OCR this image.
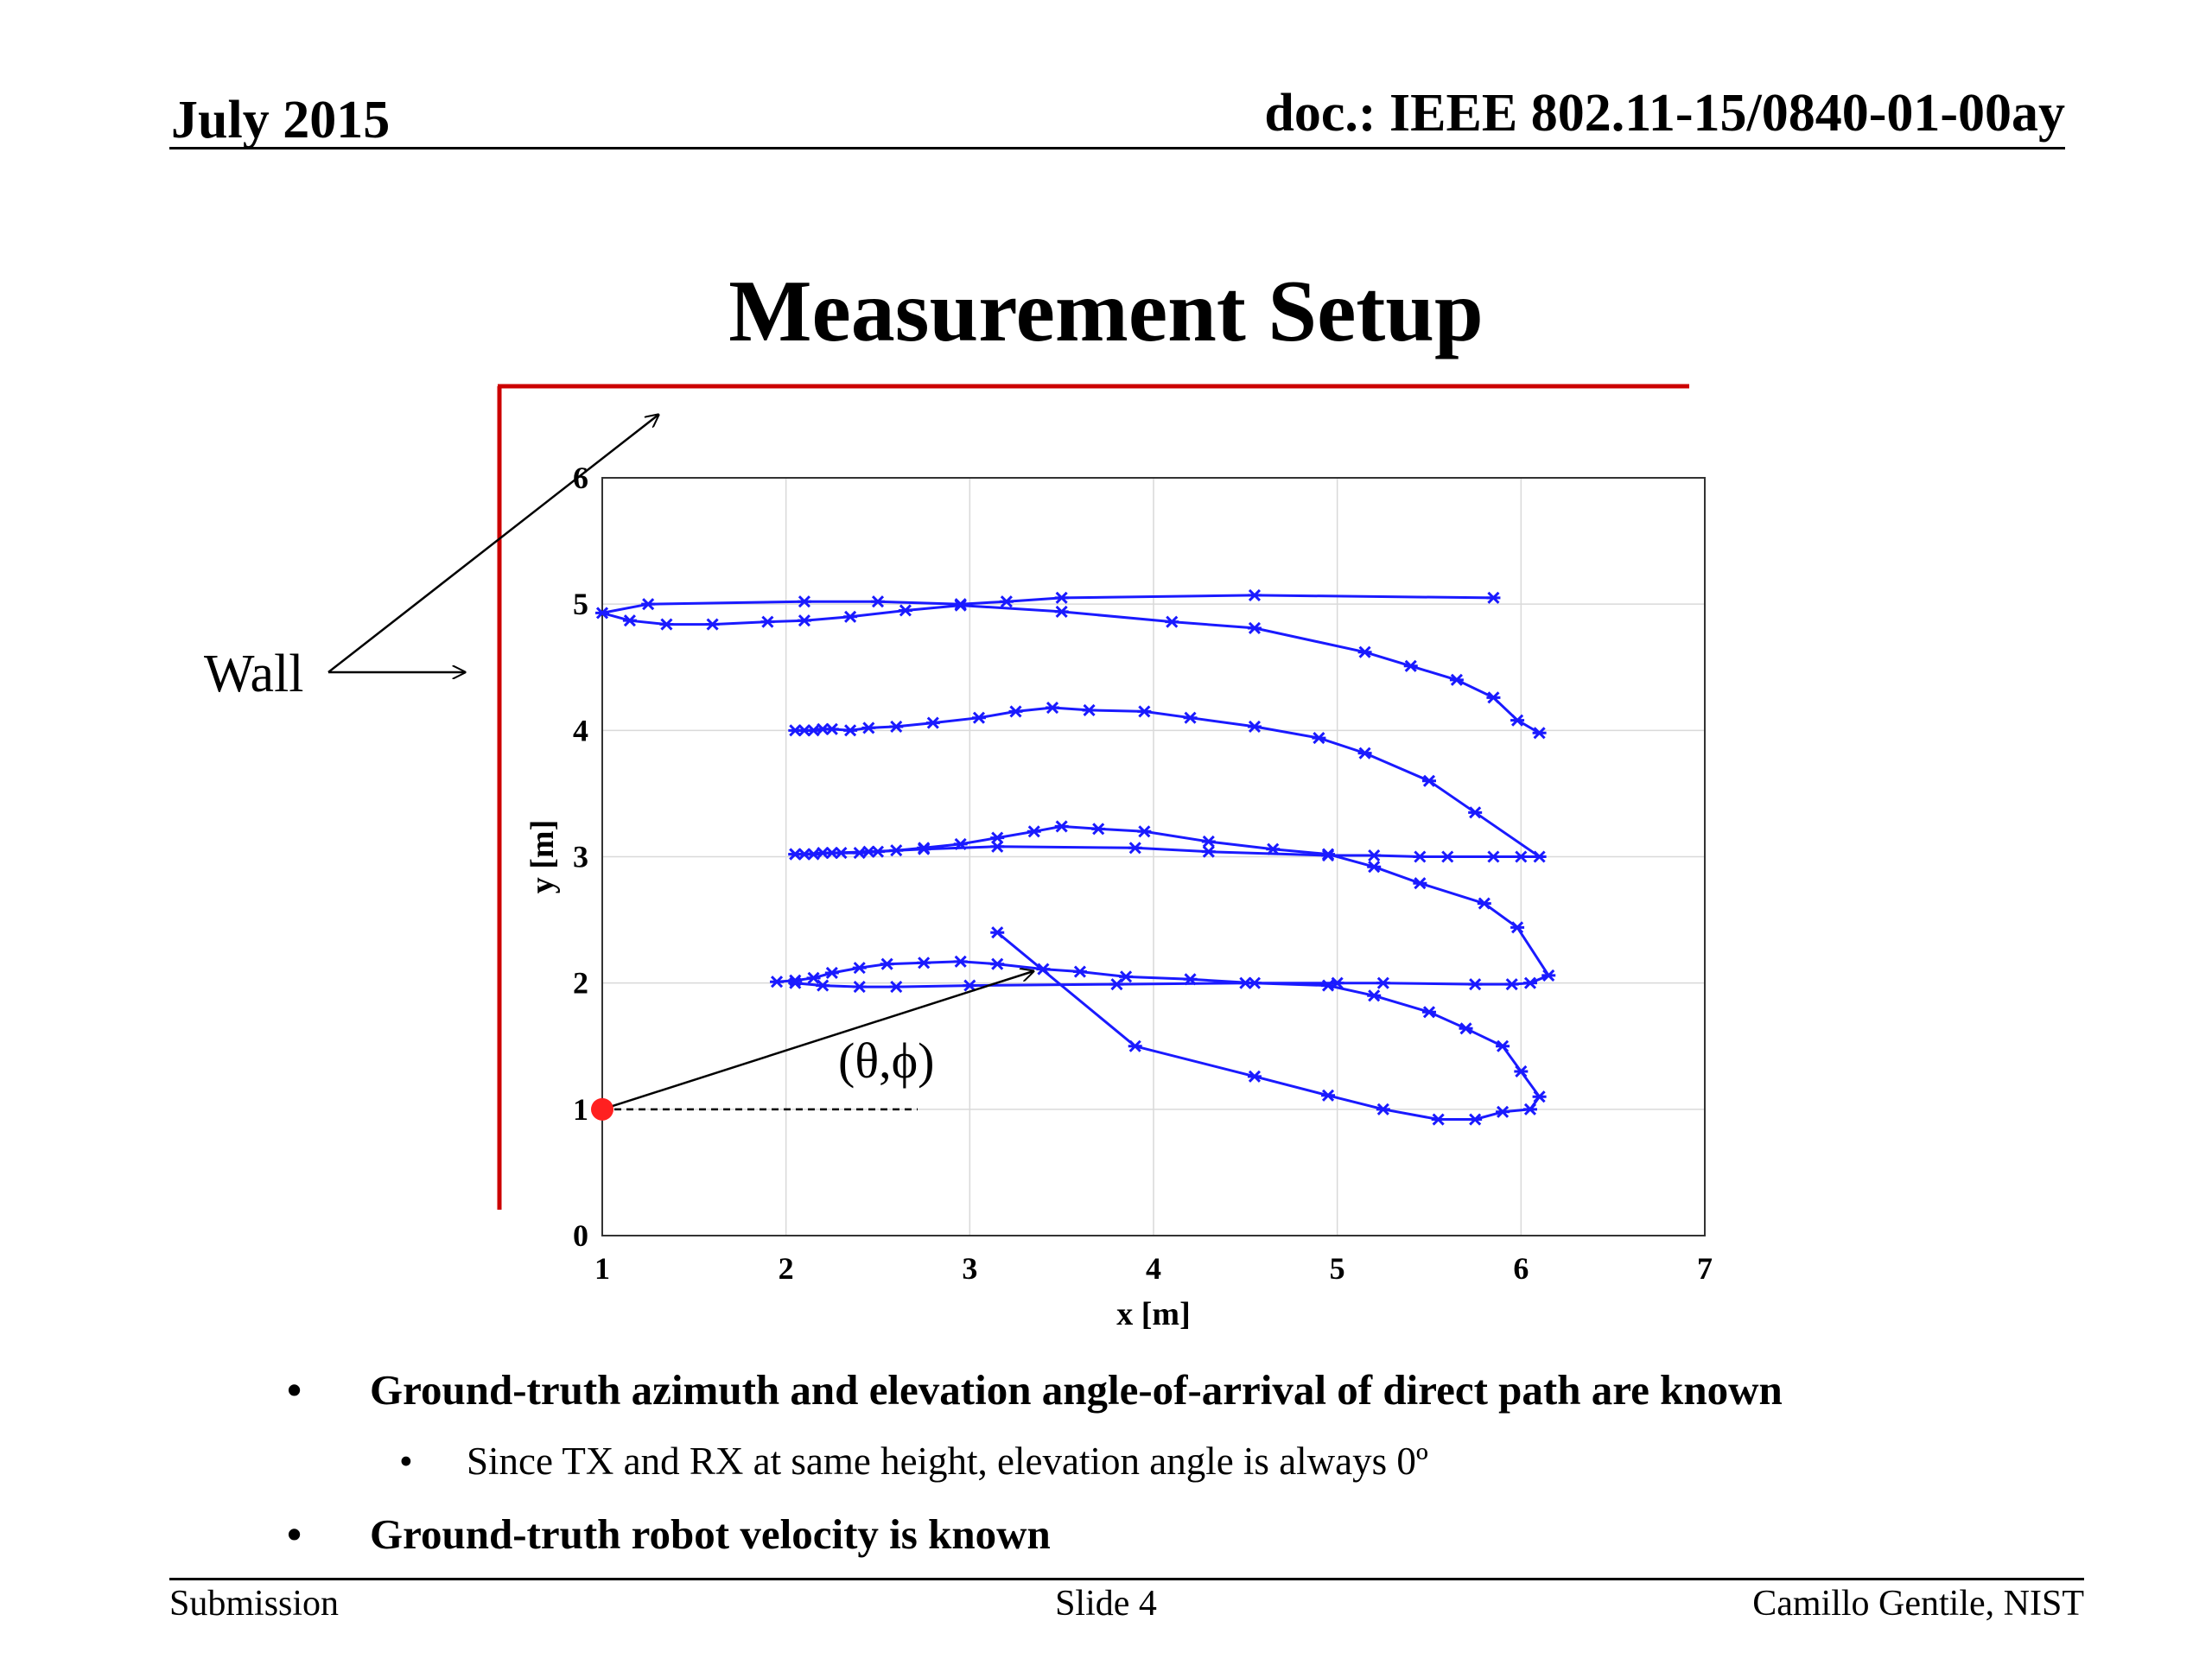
July 2015	doc.: IEEE 802.11-15/0840-01-00ay
Measurement Setup
1	2	3	4	5	6	7
0
1
2
3
4
5
6
Wall
(θ,ϕ)
x [m]
y [m]
• Ground-truth azimuth and elevation angle-of-arrival of direct path are known
• Since TX and RX at same height, elevation angle is always 0º
• Ground-truth robot velocity is known
Submission	Slide 4	Camillo Gentile, NIST
